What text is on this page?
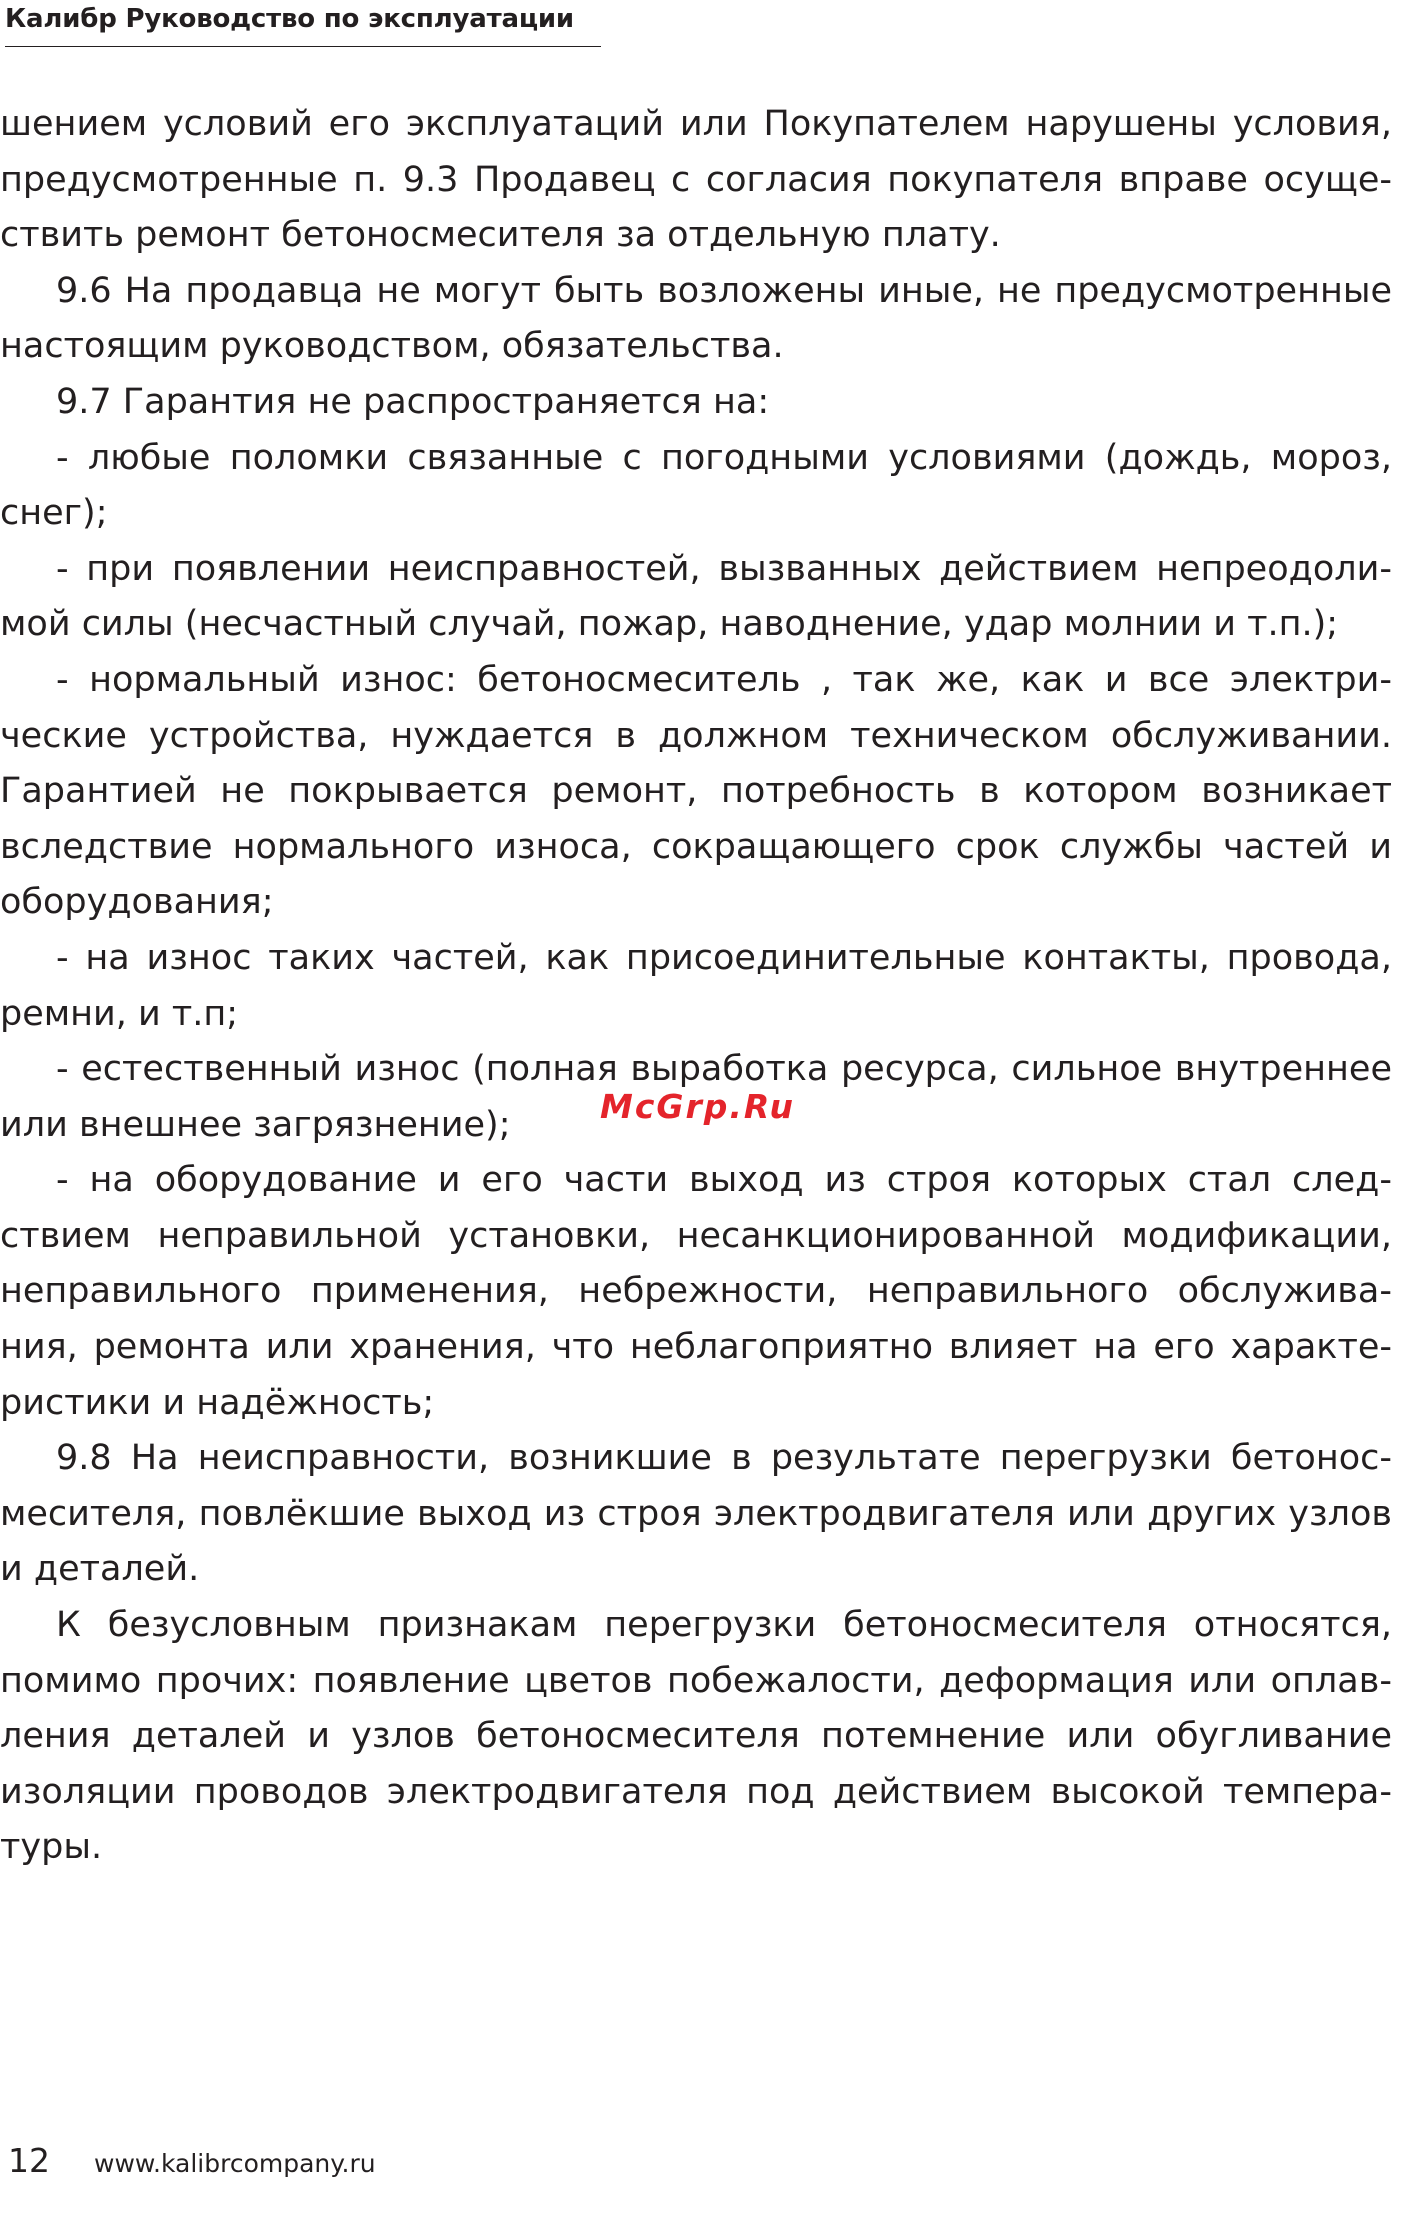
Калибр Руководство по эксплуатации
шением условий его эксплуатаций или Покупателем нарушены условия,
предусмотренные п. 9.3 Продавец с согласия покупателя вправе осуще-
ствить ремонт бетоносмесителя за отдельную плату.
9.6 На продавца не могут быть возложены иные, не предусмотренные
настоящим руководством, обязательства.
9.7 Гарантия не распространяется на:
- любые поломки связанные с погодными условиями (дождь, мороз,
снег);
- при появлении неисправностей, вызванных действием непреодоли-
мой силы (несчастный случай, пожар, наводнение, удар молнии и т.п.);
- нормальный износ: бетоносмеситель , так же, как и все электри-
ческие устройства, нуждается в должном техническом обслуживании.
Гарантией не покрывается ремонт, потребность в котором возникает
вследствие нормального износа, сокращающего срок службы частей и
оборудования;
- на износ таких частей, как присоединительные контакты, провода,
ремни, и т.п;
- естественный износ (полная выработка ресурса, сильное внутреннее
или внешнее загрязнение);
- на оборудование и его части выход из строя которых стал след-
ствием неправильной установки, несанкционированной модификации,
неправильного применения, небрежности, неправильного обслужива-
ния, ремонта или хранения, что неблагоприятно влияет на его характе-
ристики и надёжность;
9.8 На неисправности, возникшие в результате перегрузки бетонос-
месителя, повлёкшие выход из строя электродвигателя или других узлов
и деталей.
К безусловным признакам перегрузки бетоносмесителя относятся,
помимо прочих: появление цветов побежалости, деформация или оплав-
ления деталей и узлов бетоносмесителя потемнение или обугливание
изоляции проводов электродвигателя под действием высокой темпера-
туры.
McGrp.Ru
12 www.kalibrcompany.ru
